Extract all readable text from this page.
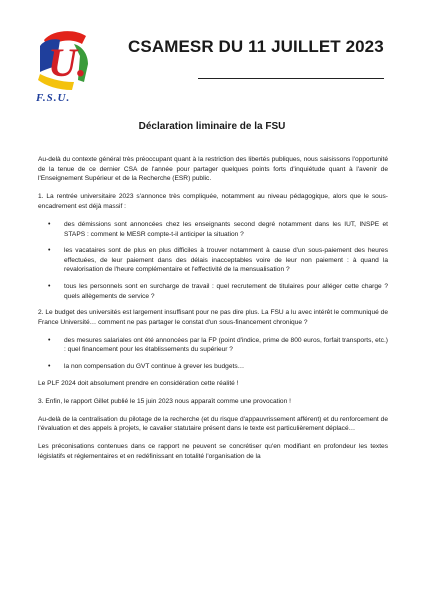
U.
F.S.U.
CSAMESR DU 11 JUILLET 2023
Déclaration liminaire de la FSU

Au-delà du contexte général très préoccupant quant à la restriction des libertés publiques, nous saisissons l'opportunité de la tenue de ce dernier CSA de l'année pour partager quelques points forts d'inquiétude quant à l'avenir de l'Enseignement Supérieur et de la Recherche (ESR) public.

1. La rentrée universitaire 2023 s'annonce très compliquée, notamment au niveau pédagogique, alors que le sous-encadrement est déjà massif :

• des démissions sont annoncées chez les enseignants second degré notamment dans les IUT, INSPE et STAPS : comment le MESR compte-t-il anticiper la situation ?
• les vacataires sont de plus en plus difficiles à trouver notamment à cause d'un sous-paiement des heures effectuées, de leur paiement dans des délais inacceptables voire de leur non paiement : à quand la revalorisation de l'heure complémentaire et l'effectivité de la mensualisation ?
• tous les personnels sont en surcharge de travail : quel recrutement de titulaires pour alléger cette charge ? quels allègements de service ?

2. Le budget des universités est largement insuffisant pour ne pas dire plus. La FSU a lu avec intérêt le communiqué de France Université… comment ne pas partager le constat d'un sous-financement chronique ?

• des mesures salariales ont été annoncées par la FP (point d'indice, prime de 800 euros, forfait transports, etc.) : quel financement pour les établissements du supérieur ?
• la non compensation du GVT continue à grever les budgets…

Le PLF 2024 doit absolument prendre en considération cette réalité !

3. Enfin, le rapport Gillet publié le 15 juin 2023 nous apparaît comme une provocation !

Au-delà de la centralisation du pilotage de la recherche (et du risque d'appauvrissement afférent) et du renforcement de l'évaluation et des appels à projets, le cavalier statutaire présent dans le texte est particulièrement déplacé…

Les préconisations contenues dans ce rapport ne peuvent se concrétiser qu'en modifiant en profondeur les textes législatifs et réglementaires et en redéfinissant en totalité l'organisation de la
